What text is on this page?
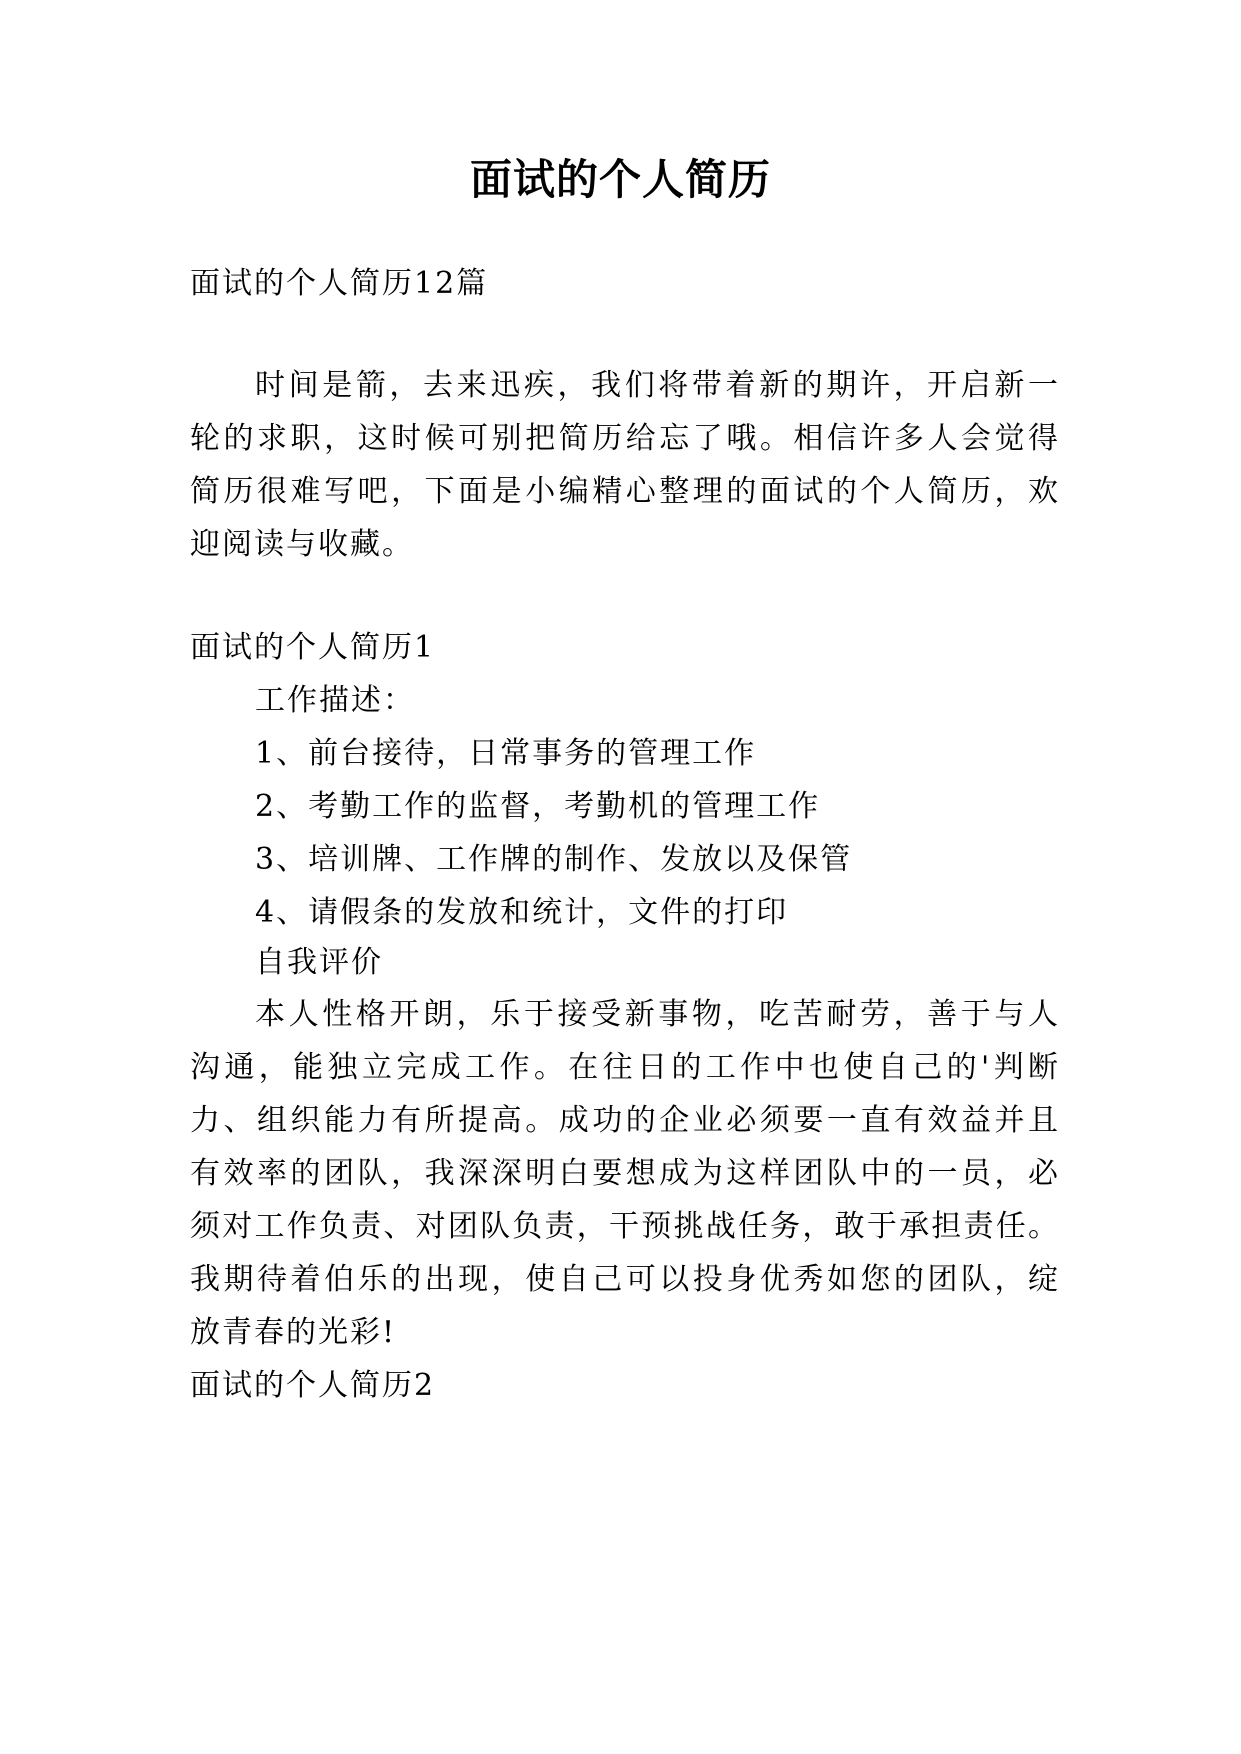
面试的个人简历
面试的个人简历12篇
时间是箭，去来迅疾，我们将带着新的期许，开启新一
轮的求职，这时候可别把简历给忘了哦。相信许多人会觉得
简历很难写吧，下面是小编精心整理的面试的个人简历，欢
迎阅读与收藏。
面试的个人简历1
工作描述：
1、前台接待，日常事务的管理工作
2、考勤工作的监督，考勤机的管理工作
3、培训牌、工作牌的制作、发放以及保管
4、请假条的发放和统计，文件的打印
自我评价
本人性格开朗，乐于接受新事物，吃苦耐劳，善于与人
沟通，能独立完成工作。在往日的工作中也使自己的'判断
力、组织能力有所提高。成功的企业必须要一直有效益并且
有效率的团队，我深深明白要想成为这样团队中的一员，必
须对工作负责、对团队负责，干预挑战任务，敢于承担责任。
我期待着伯乐的出现，使自己可以投身优秀如您的团队，绽
放青春的光彩!
面试的个人简历2
